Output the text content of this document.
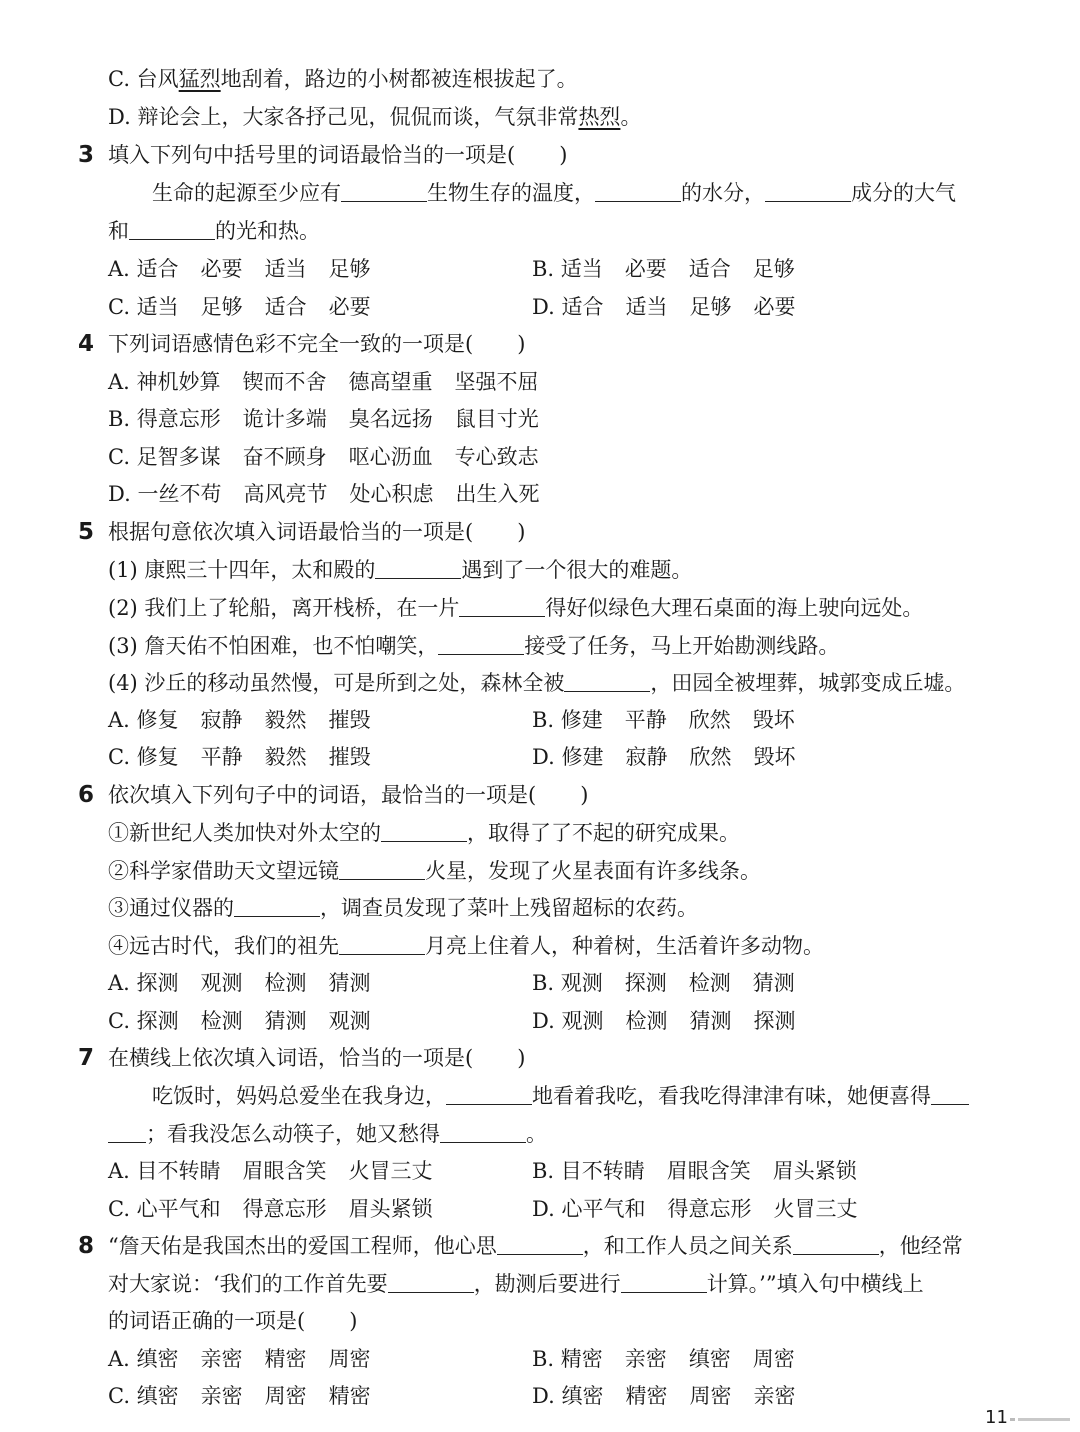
C. 台风猛烈地刮着，路边的小树都被连根拔起了。
D. 辩论会上，大家各抒己见，侃侃而谈，气氛非常热烈。
3 填入下列句中括号里的词语最恰当的一项是( )
生命的起源至少应有	生物生存的温度，	的水分，	成分的大气
和	的光和热。
A. 适合 必要 适当 足够	B. 适当 必要 适合 足够
C. 适当 足够 适合 必要	D. 适合 适当 足够 必要
4 下列词语感情色彩不完全一致的一项是( )
A. 神机妙算 锲而不舍 德高望重 坚强不屈
B. 得意忘形 诡计多端 臭名远扬 鼠目寸光
C. 足智多谋 奋不顾身 呕心沥血 专心致志
D. 一丝不苟 高风亮节 处心积虑 出生入死
5 根据句意依次填入词语最恰当的一项是( )
(1) 康熙三十四年，太和殿的	遇到了一个很大的难题。
(2) 我们上了轮船，离开栈桥，在一片	得好似绿色大理石桌面的海上驶向远处。
(3) 詹天佑不怕困难，也不怕嘲笑，	接受了任务，马上开始勘测线路。
(4) 沙丘的移动虽然慢，可是所到之处，森林全被	，田园全被埋葬，城郭变成丘墟。
A. 修复 寂静 毅然 摧毁	B. 修建 平静 欣然 毁坏
C. 修复 平静 毅然 摧毁	D. 修建 寂静 欣然 毁坏
6 依次填入下列句子中的词语，最恰当的一项是( )
①新世纪人类加快对外太空的	，取得了了不起的研究成果。
②科学家借助天文望远镜	火星，发现了火星表面有许多线条。
③通过仪器的	，调查员发现了菜叶上残留超标的农药。
④远古时代，我们的祖先	月亮上住着人，种着树，生活着许多动物。
A. 探测 观测 检测 猜测	B. 观测 探测 检测 猜测
C. 探测 检测 猜测 观测	D. 观测 检测 猜测 探测
7 在横线上依次填入词语，恰当的一项是( )
吃饭时，妈妈总爱坐在我身边，	地看着我吃，看我吃得津津有味，她便喜得
；看我没怎么动筷子，她又愁得	。
A. 目不转睛 眉眼含笑 火冒三丈	B. 目不转睛 眉眼含笑 眉头紧锁
C. 心平气和 得意忘形 眉头紧锁	D. 心平气和 得意忘形 火冒三丈
8 “詹天佑是我国杰出的爱国工程师，他心思	，和工作人员之间关系	，他经常
对大家说：‘我们的工作首先要	，勘测后要进行	计算。’”填入句中横线上
的词语正确的一项是( )
A. 缜密 亲密 精密 周密	B. 精密 亲密 缜密 周密
C. 缜密 亲密 周密 精密	D. 缜密 精密 周密 亲密
11
